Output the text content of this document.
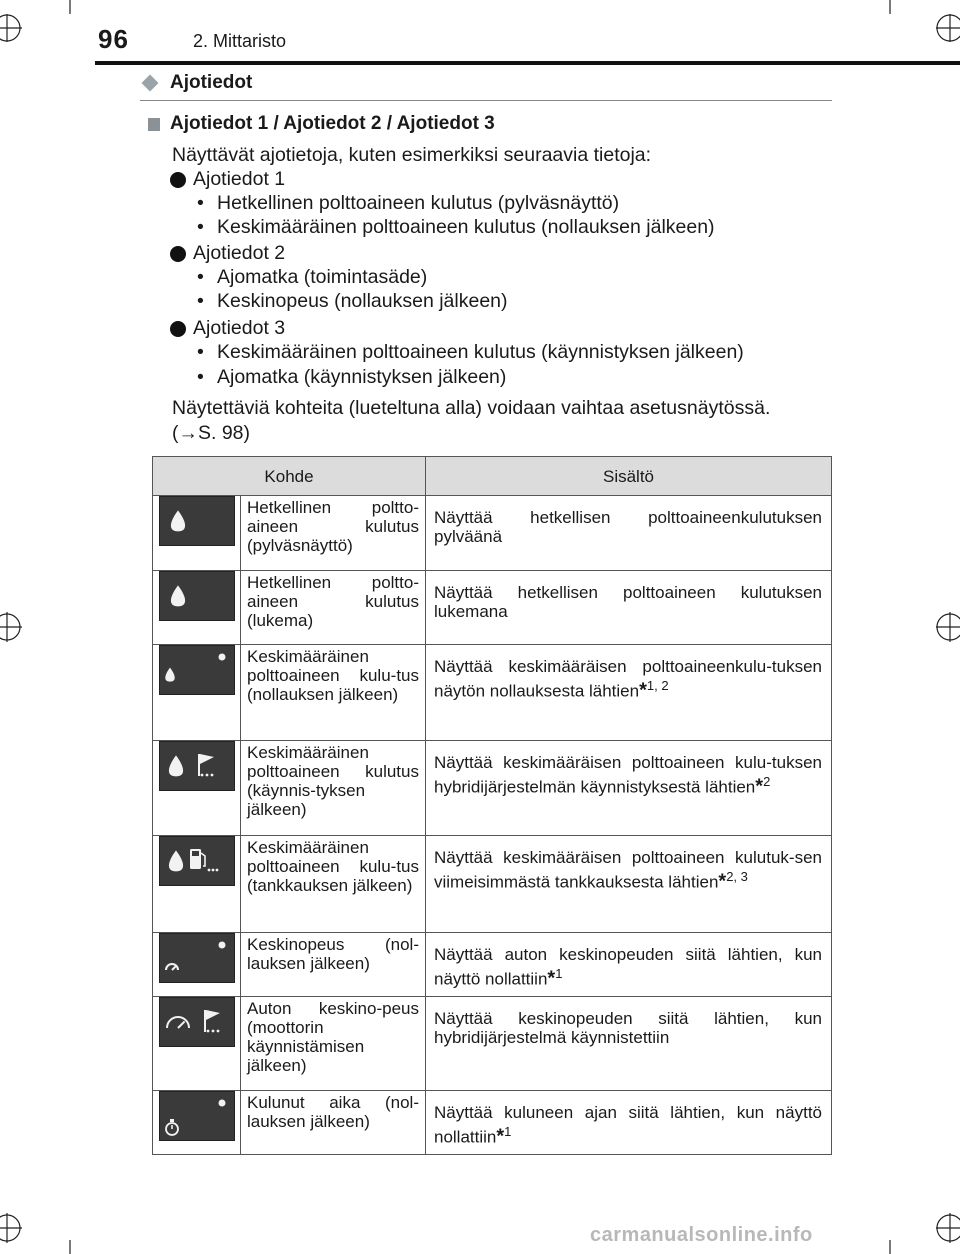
96	2. Mittaristo
Ajotiedot
Ajotiedot 1 / Ajotiedot 2 / Ajotiedot 3
Näyttävät ajotietoja, kuten esimerkiksi seuraavia tietoja:
Ajotiedot 1
• Hetkellinen polttoaineen kulutus (pylväsnäyttö)
• Keskimääräinen polttoaineen kulutus (nollauksen jälkeen)
Ajotiedot 2
• Ajomatka (toimintasäde)
• Keskinopeus (nollauksen jälkeen)
Ajotiedot 3
• Keskimääräinen polttoaineen kulutus (käynnistyksen jälkeen)
• Ajomatka (käynnistyksen jälkeen)
Näytettäviä kohteita (lueteltuna alla) voidaan vaihtaa asetusnäytössä.
(→S. 98)
Kohde		Sisältö

	Hetkellinen poltto-aineen kulutus (pylväsnäyttö)	Näyttää hetkellisen polttoaineenkulutuksen pylväänä

	Hetkellinen poltto-aineen kulutus (lukema)	Näyttää hetkellisen polttoaineen kulutuksen lukemana

	Keskimääräinen polttoaineen kulu-tus (nollauksen jälkeen)	Näyttää keskimääräisen polttoaineenkulu-tuksen näytön nollauksesta lähtien*$^{1, 2}$

	Keskimääräinen polttoaineen kulutus (käynnis-tyksen jälkeen)	Näyttää keskimääräisen polttoaineen kulu-tuksen hybridijärjestelmän käynnistyksestä lähtien*$^2$

	Keskimääräinen polttoaineen kulu-tus (tankkauksen jälkeen)	Näyttää keskimääräisen polttoaineen kulutuk-sen viimeisimmästä tankkauksesta lähtien*$^{2, 3}$

	Keskinopeus (nol-lauksen jälkeen)	Näyttää auton keskinopeuden siitä lähtien, kun näyttö nollattiin*$^1$

	Auton keskino-peus (moottorin käynnistämisen jälkeen)	Näyttää keskinopeuden siitä lähtien, kun hybridijärjestelmä käynnistettiin

	Kulunut aika (nol-lauksen jälkeen)	Näyttää kuluneen ajan siitä lähtien, kun näyttö nollattiin*$^1$
carmanualsonline.info
